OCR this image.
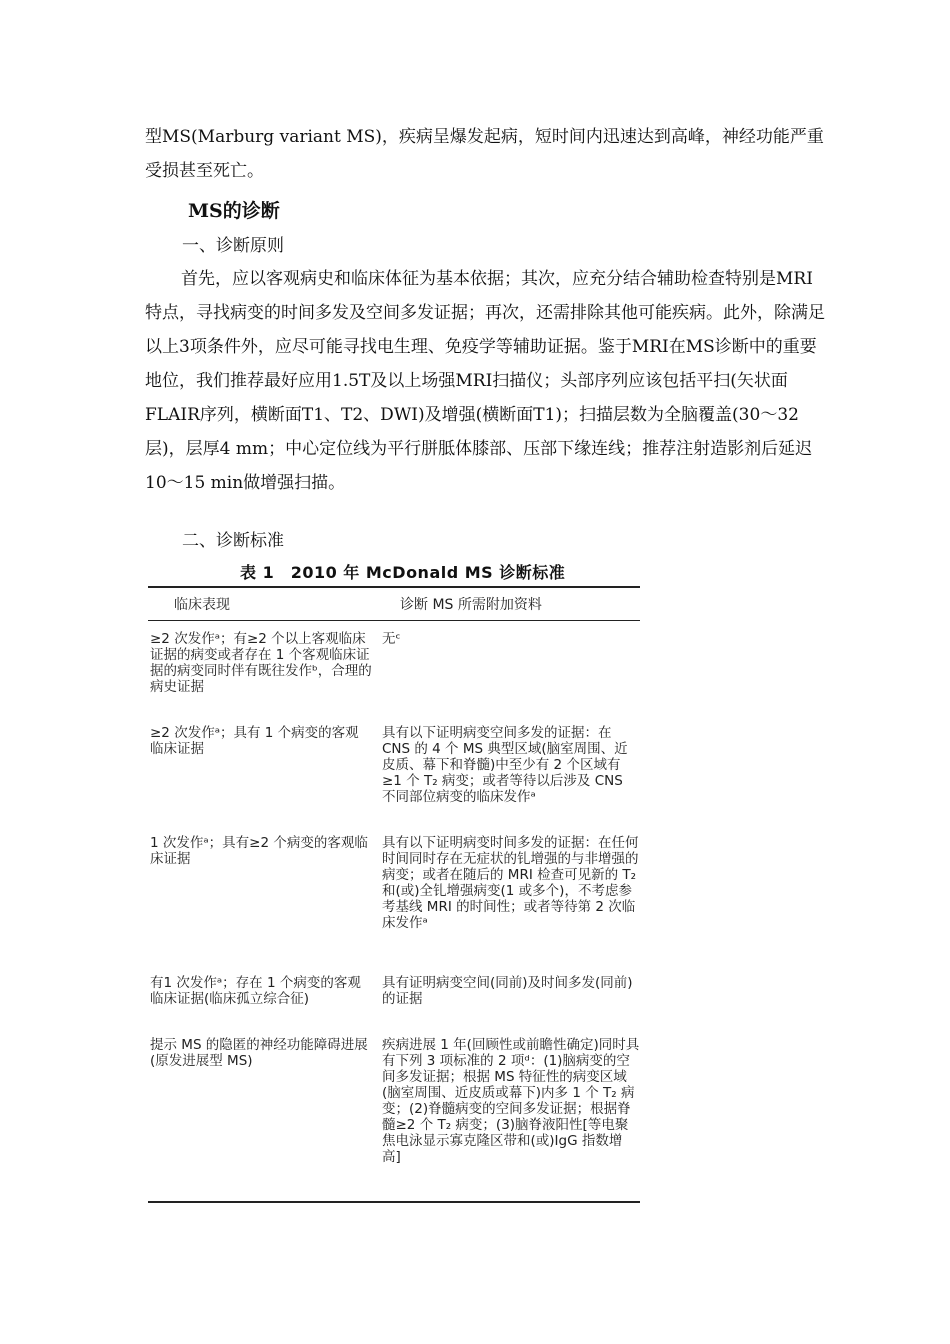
型MS(Marburg variant MS)，疾病呈爆发起病，短时间内迅速达到高峰，神经功能严重受损甚至死亡。

MS的诊断

一、诊断原则

首先，应以客观病史和临床体征为基本依据；其次，应充分结合辅助检查特别是MRI特点，寻找病变的时间多发及空间多发证据；再次，还需排除其他可能疾病。此外，除满足以上3项条件外，应尽可能寻找电生理、免疫学等辅助证据。鉴于MRI在MS诊断中的重要地位，我们推荐最好应用1.5T及以上场强MRI扫描仪；头部序列应该包括平扫(矢状面FLAIR序列，横断面T1、T2、DWI)及增强(横断面T1)；扫描层数为全脑覆盖(30～32层)，层厚4 mm；中心定位线为平行胼胝体膝部、压部下缘连线；推荐注射造影剂后延迟10～15 min做增强扫描。

二、诊断标准

表 1　2010 年 McDonald MS 诊断标准

临床表现	诊断 MS 所需附加资料
≥2 次发作ᵃ；有≥2 个以上客观临床证据的病变或者存在 1 个客观临床证据的病变同时伴有既往发作ᵇ，合理的病史证据
无ᶜ
≥2 次发作ᵃ；具有 1 个病变的客观临床证据
具有以下证明病变空间多发的证据：在 CNS 的 4 个 MS 典型区域(脑室周围、近皮质、幕下和脊髓)中至少有 2 个区域有≥1 个 T₂ 病变；或者等待以后涉及 CNS 不同部位病变的临床发作ᵃ
1 次发作ᵃ；具有≥2 个病变的客观临床证据
具有以下证明病变时间多发的证据：在任何时间同时存在无症状的钆增强的与非增强的病变；或者在随后的 MRI 检查可见新的 T₂ 和(或)全钆增强病变(1 或多个)，不考虑参考基线 MRI 的时间性；或者等待第 2 次临床发作ᵃ
有1 次发作ᵃ；存在 1 个病变的客观临床证据(临床孤立综合征)
具有证明病变空间(同前)及时间多发(同前)的证据
提示 MS 的隐匿的神经功能障碍进展(原发进展型 MS)
疾病进展 1 年(回顾性或前瞻性确定)同时具有下列 3 项标准的 2 项ᵈ：(1)脑病变的空间多发证据；根据 MS 特征性的病变区域(脑室周围、近皮质或幕下)内多 1 个 T₂ 病变；(2)脊髓病变的空间多发证据；根据脊髓≥2 个 T₂ 病变；(3)脑脊液阳性[等电聚焦电泳显示寡克隆区带和(或)IgG 指数增高]
